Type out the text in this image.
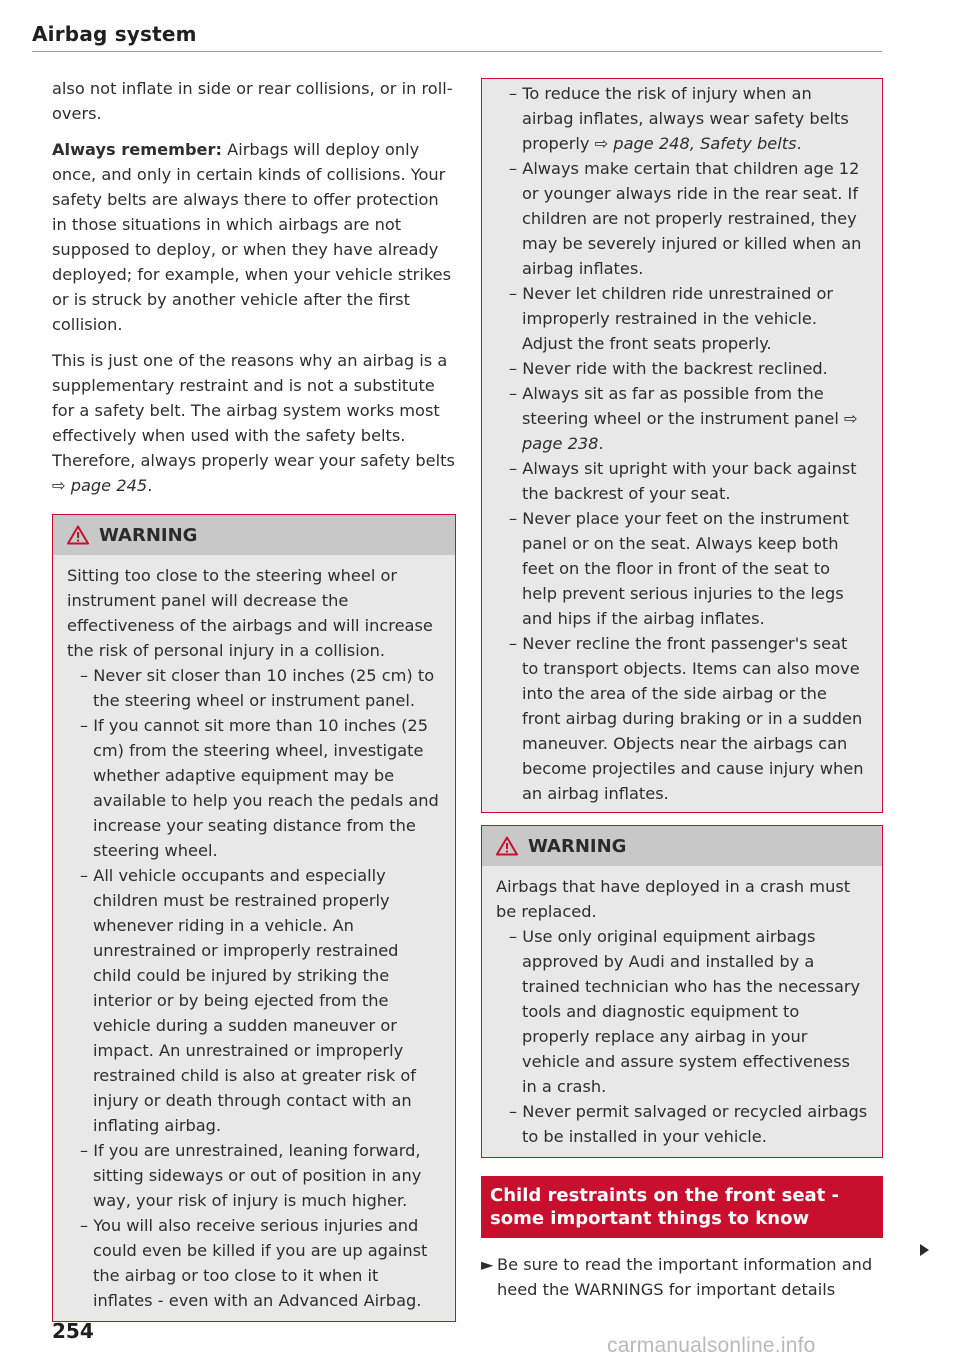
Airbag system

also not inflate in side or rear collisions, or in roll-overs.

Always remember: Airbags will deploy only once, and only in certain kinds of collisions. Your safety belts are always there to offer protection in those situations in which airbags are not supposed to deploy, or when they have already deployed; for example, when your vehicle strikes or is struck by another vehicle after the first collision.

This is just one of the reasons why an airbag is a supplementary restraint and is not a substitute for a safety belt. The airbag system works most effectively when used with the safety belts. Therefore, always properly wear your safety belts ⇨ page 245.

WARNING

Sitting too close to the steering wheel or instrument panel will decrease the effectiveness of the airbags and will increase the risk of personal injury in a collision.

– Never sit closer than 10 inches (25 cm) to the steering wheel or instrument panel.
– If you cannot sit more than 10 inches (25 cm) from the steering wheel, investigate whether adaptive equipment may be available to help you reach the pedals and increase your seating distance from the steering wheel.
– All vehicle occupants and especially children must be restrained properly whenever riding in a vehicle. An unrestrained or improperly restrained child could be injured by striking the interior or by being ejected from the vehicle during a sudden maneuver or impact. An unrestrained or improperly restrained child is also at greater risk of injury or death through contact with an inflating airbag.
– If you are unrestrained, leaning forward, sitting sideways or out of position in any way, your risk of injury is much higher.
– You will also receive serious injuries and could even be killed if you are up against the airbag or too close to it when it inflates - even with an Advanced Airbag.
– To reduce the risk of injury when an airbag inflates, always wear safety belts properly ⇨ page 248, Safety belts.
– Always make certain that children age 12 or younger always ride in the rear seat. If children are not properly restrained, they may be severely injured or killed when an airbag inflates.
– Never let children ride unrestrained or improperly restrained in the vehicle. Adjust the front seats properly.
– Never ride with the backrest reclined.
– Always sit as far as possible from the steering wheel or the instrument panel ⇨ page 238.
– Always sit upright with your back against the backrest of your seat.
– Never place your feet on the instrument panel or on the seat. Always keep both feet on the floor in front of the seat to help prevent serious injuries to the legs and hips if the airbag inflates.
– Never recline the front passenger's seat to transport objects. Items can also move into the area of the side airbag or the front airbag during braking or in a sudden maneuver. Objects near the airbags can become projectiles and cause injury when an airbag inflates.
WARNING

Airbags that have deployed in a crash must be replaced.

– Use only original equipment airbags approved by Audi and installed by a trained technician who has the necessary tools and diagnostic equipment to properly replace any airbag in your vehicle and assure system effectiveness in a crash.
– Never permit salvaged or recycled airbags to be installed in your vehicle.
Child restraints on the front seat - some important things to know
► Be sure to read the important information and heed the WARNINGS for important details
254
carmanualsonline.info
